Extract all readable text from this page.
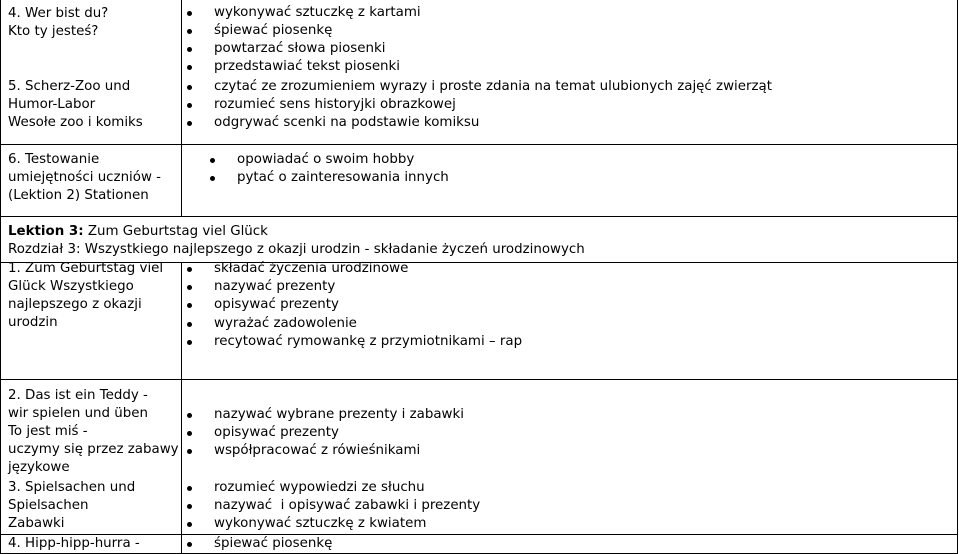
4. Wer bist du?
Kto ty jesteś?
wykonywać sztuczkę z kartami
śpiewać piosenkę
powtarzać słowa piosenki
przedstawiać tekst piosenki
5. Scherz-Zoo und
Humor-Labor
Wesołe zoo i komiks
czytać ze zrozumieniem wyrazy i proste zdania na temat ulubionych zajęć zwierząt
rozumieć sens historyjki obrazkowej
odgrywać scenki na podstawie komiksu
6. Testowanie
umiejętności uczniów -
(Lektion 2) Stationen
opowiadać o swoim hobby
pytać o zainteresowania innych
Lektion 3: Zum Geburtstag viel Glück
Rozdział 3: Wszystkiego najlepszego z okazji urodzin - składanie życzeń urodzinowych
1. Zum Geburtstag viel
Glück Wszystkiego
najlepszego z okazji
urodzin
składać życzenia urodzinowe
nazywać prezenty
opisywać prezenty
wyrażać zadowolenie
recytować rymowankę z przymiotnikami – rap
2. Das ist ein Teddy -
wir spielen und üben
To jest miś -
uczymy się przez zabawy
językowe
nazywać wybrane prezenty i zabawki
opisywać prezenty
współpracować z rówieśnikami
3. Spielsachen und
Spielsachen
Zabawki
rozumieć wypowiedzi ze słuchu
nazywać  i opisywać zabawki i prezenty
wykonywać sztuczkę z kwiatem
4. Hipp-hipp-hurra -	śpiewać piosenkę
